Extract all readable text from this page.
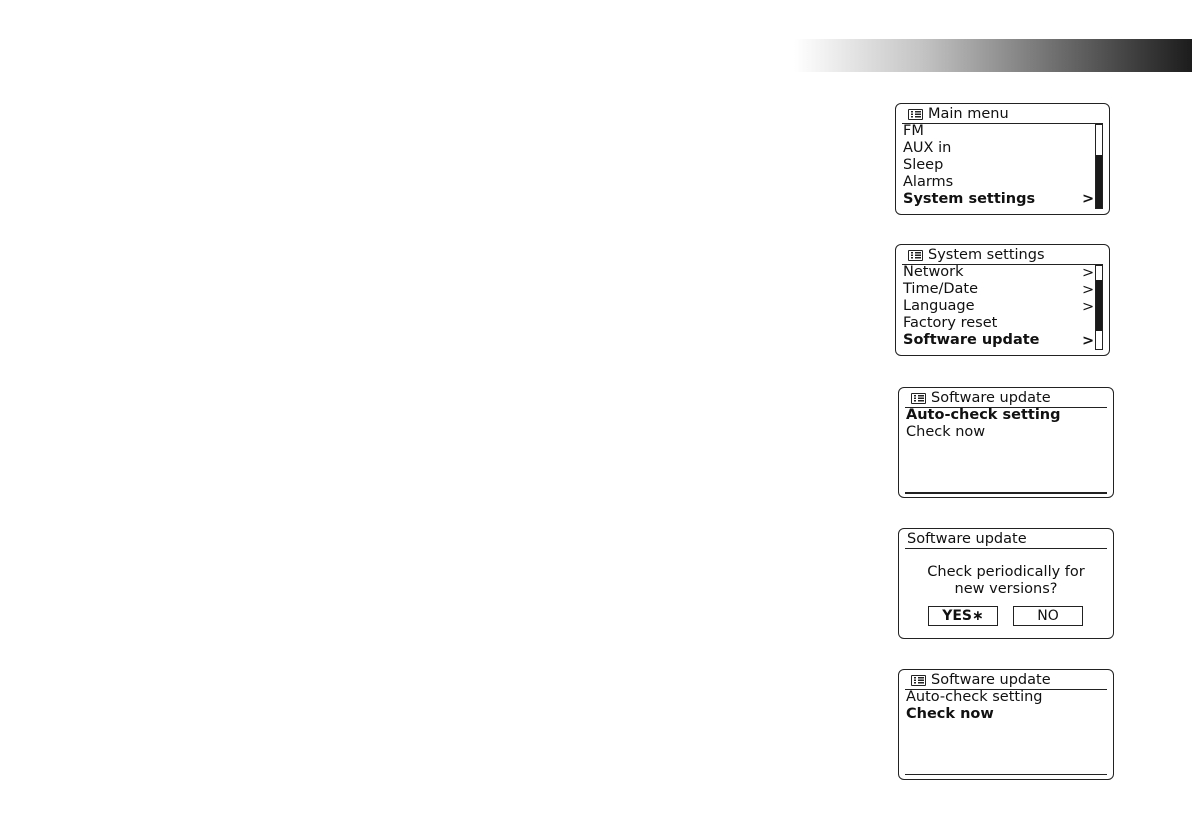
Main menu
FM
AUX in
Sleep
Alarms
System settings	>
System settings
Network
Time/Date
Language
Factory reset
Software update
>
>
>
>
Software update
Auto-check setting
Check now
Software update
Check periodically for
new versions?
YES∗	NO
Software update
Auto-check setting
Check now
